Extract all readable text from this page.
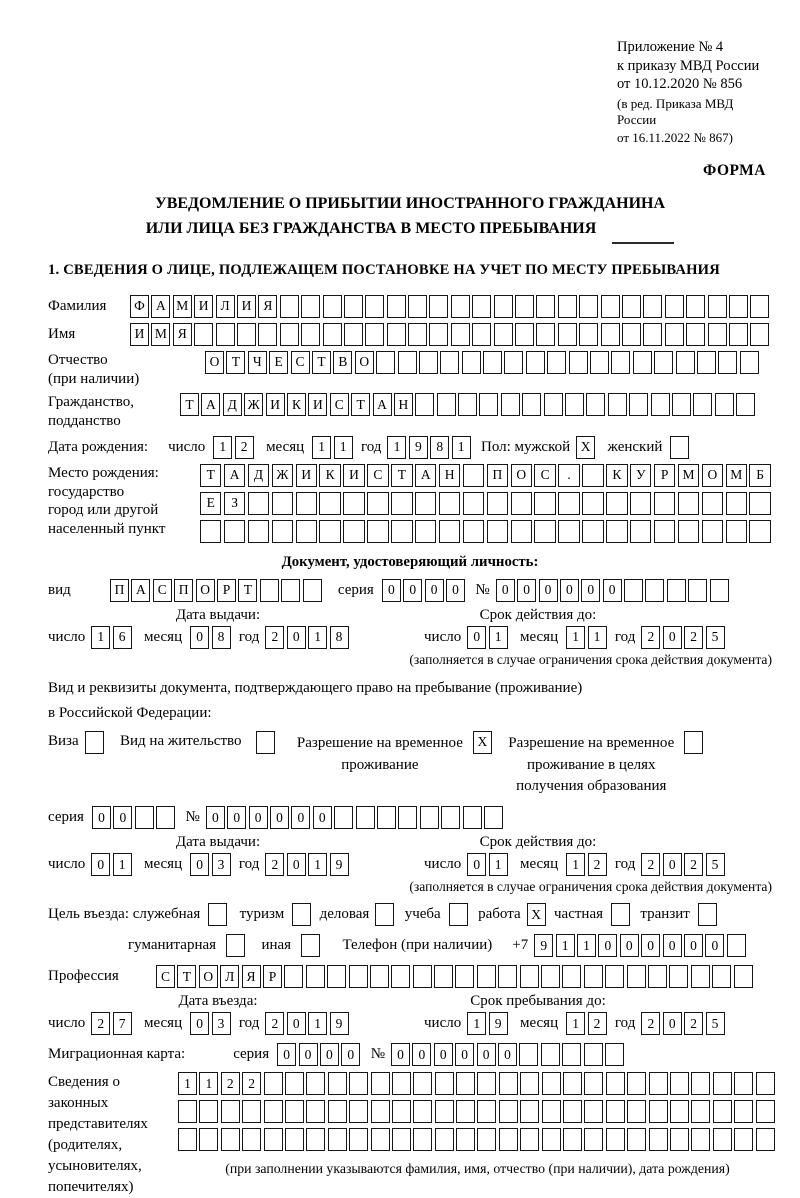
Приложение № 4
к приказу МВД России
от 10.12.2020 № 856
(в ред. Приказа МВД России
от 16.11.2022 № 867)
ФОРМА
УВЕДОМЛЕНИЕ О ПРИБЫТИИ ИНОСТРАННОГО ГРАЖДАНИНА
ИЛИ ЛИЦА БЕЗ ГРАЖДАНСТВА В МЕСТО ПРЕБЫВАНИЯ
1. СВЕДЕНИЯ О ЛИЦЕ, ПОДЛЕЖАЩЕМ ПОСТАНОВКЕ НА УЧЕТ ПО МЕСТУ ПРЕБЫВАНИЯ
Фамилия	Ф А М И Л И Я
Имя	И М Я
Отчество
(при наличии)
О Т Ч Е С Т В О
Гражданство,
подданство
Т А Д Ж И К И С Т А Н
Дата рождения: число	1	2	месяц	1	1 год 1	9	8	1	Пол: мужской X	женский
Место рождения:
государство
город или другой
населенный пункт
Т	А	Д Ж И	К	И	С	Т	А	Н	П	О	С	.	К	У	Р	М О М	Б
Е	З
Документ, удостоверяющий личность:
вид	П А С П О Р	Т	серия	0	0	0	0	№ 0	0	0	0	0	0
Дата выдачи:	Срок действия до:
число 1	6	месяц	0	8 год 2	0	1	8	число 0	1	месяц	1	1 год 2	0	2	5
(заполняется в случае ограничения срока действия документа)
Вид и реквизиты документа, подтверждающего право на пребывание (проживание)
в Российской Федерации:
Виза	Вид на жительство	Разрешение на временное
проживание
X	Разрешение на временное
проживание в целях
получения образования
серия	0	0	№ 0	0	0	0	0	0
Дата выдачи:	Срок действия до:
число 0	1	месяц	0	3 год 2	0	1	9	число 0	1	месяц	1	2 год 2	0	2	5
(заполняется в случае ограничения срока действия документа)
Цель въезда: служебная	туризм деловая учеба работа X частная транзит
гуманитарная	иная	Телефон (при наличии) +7 9	1	1	0	0	0	0	0	0
Профессия	С Т О Л Я Р
Дата въезда:	Срок пребывания до:
число 2	7	месяц	0	3 год 2	0	1	9	число 1	9	месяц	1	2 год 2	0	2	5
Миграционная карта:	серия	0	0	0	0	№ 0	0	0	0	0	0
Сведения о
законных
представителях
(родителях,
усыновителях,
попечителях)
1	1	2	2
(при заполнении указываются фамилия, имя, отчество (при наличии), дата рождения)
